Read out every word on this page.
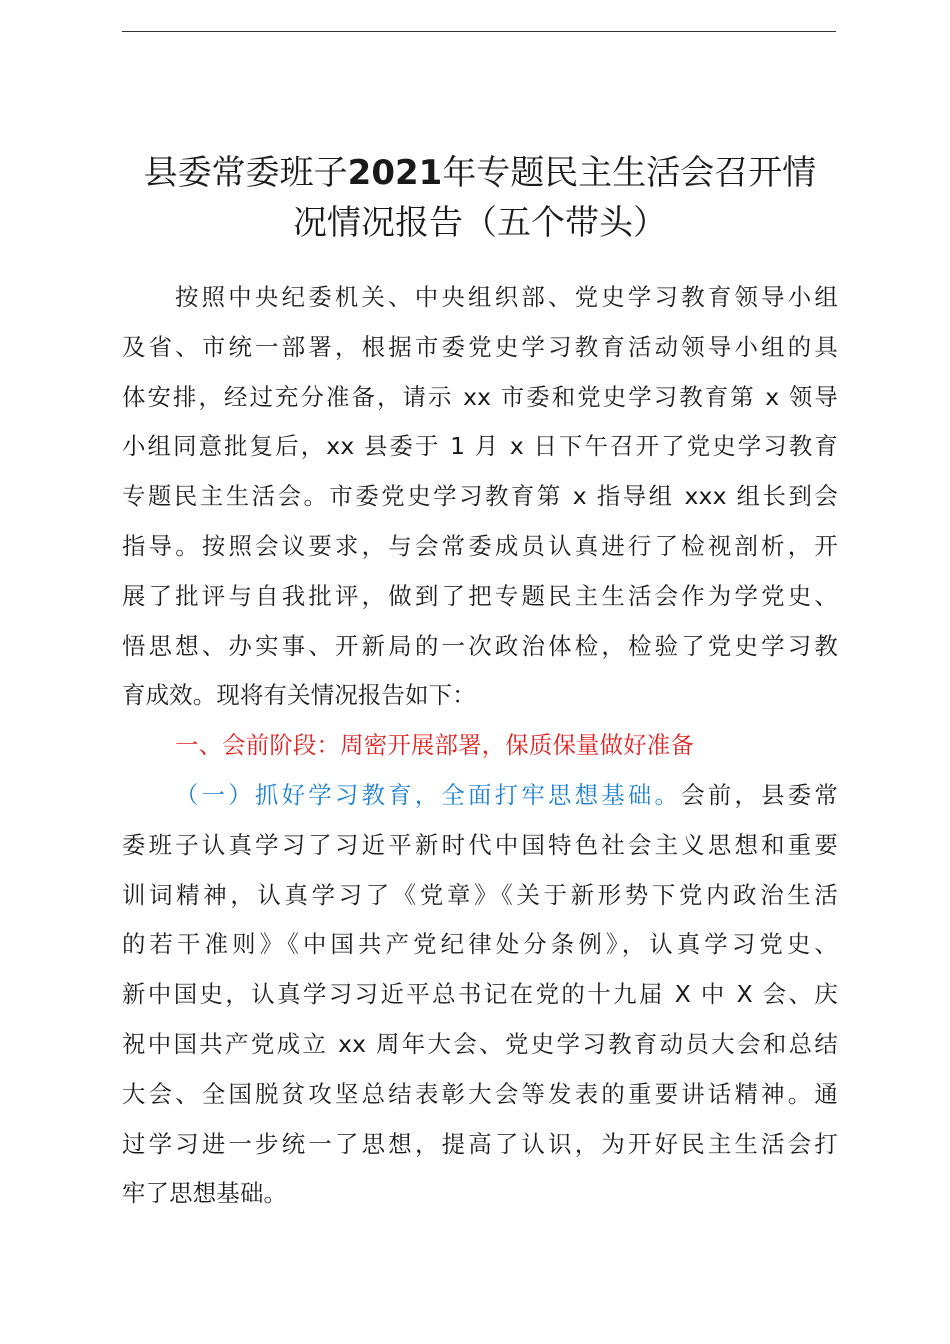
县委常委班子2021年专题民主生活会召开情
况情况报告（五个带头）
按照中央纪委机关、中央组织部、党史学习教育领导小组
及省、市统一部署，根据市委党史学习教育活动领导小组的具
体安排，经过充分准备，请示 xx 市委和党史学习教育第 x 领导
小组同意批复后，xx 县委于 1 月 x 日下午召开了党史学习教育
专题民主生活会。市委党史学习教育第 x 指导组 xxx 组长到会
指导。按照会议要求，与会常委成员认真进行了检视剖析，开
展了批评与自我批评，做到了把专题民主生活会作为学党史、
悟思想、办实事、开新局的一次政治体检，检验了党史学习教
育成效。现将有关情况报告如下：
一、会前阶段：周密开展部署，保质保量做好准备
（一）抓好学习教育，全面打牢思想基础。会前，县委常
委班子认真学习了习近平新时代中国特色社会主义思想和重要
训词精神，认真学习了《党章》《关于新形势下党内政治生活
的若干准则》《中国共产党纪律处分条例》，认真学习党史、
新中国史，认真学习习近平总书记在党的十九届 X 中 X 会、庆
祝中国共产党成立 xx 周年大会、党史学习教育动员大会和总结
大会、全国脱贫攻坚总结表彰大会等发表的重要讲话精神。通
过学习进一步统一了思想，提高了认识，为开好民主生活会打
牢了思想基础。
